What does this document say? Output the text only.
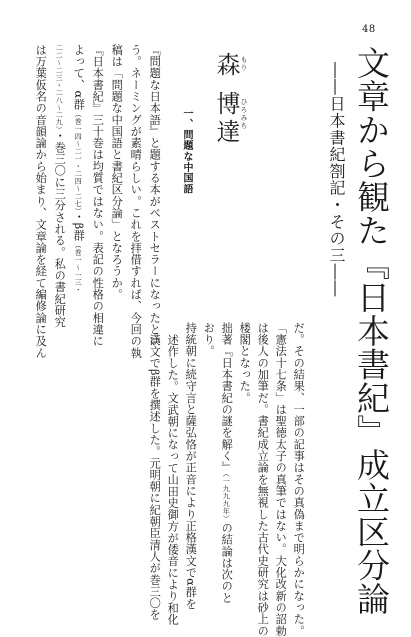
48
文章から観た『日本書紀』成立区分論
――日本書紀劄記・その三――
森
博達
もり
ひろみち
一、問題な中国語
『問題な日本語』と題する本がベストセラーになったとい
う。ネーミングが素晴らしい。これを拝借すれば、今回の執
稿は「問題な中国語と書紀区分論」となろうか。
『日本書紀』三十巻は均質ではない。表記の性格の相違に
よって、α群（巻一四～二一・二四～二七）・β群（巻一～一三・
二二～二三・二八～二九）・巻三〇に三分される。私の書紀研究
は万葉仮名の音韻論から始まり、文章論を経て編修論に及ん
だ。その結果、一部の記事はその真偽まで明らかになった。
「憲法十七条」は聖徳太子の真筆ではない。大化改新の詔勅
は後人の加筆だ。書紀成立論を無視した古代史研究は砂上の
楼閣となった。
拙著『日本書紀の謎を解く』（一九九九年）の結論は次のと
おり。
持統朝に続守言と薩弘恪が正音により正格漢文でα群を
述作した。文武朝になって山田史御方が倭音により和化
漢文でβ群を撰述した。元明朝に紀朝臣清人が巻三〇を
